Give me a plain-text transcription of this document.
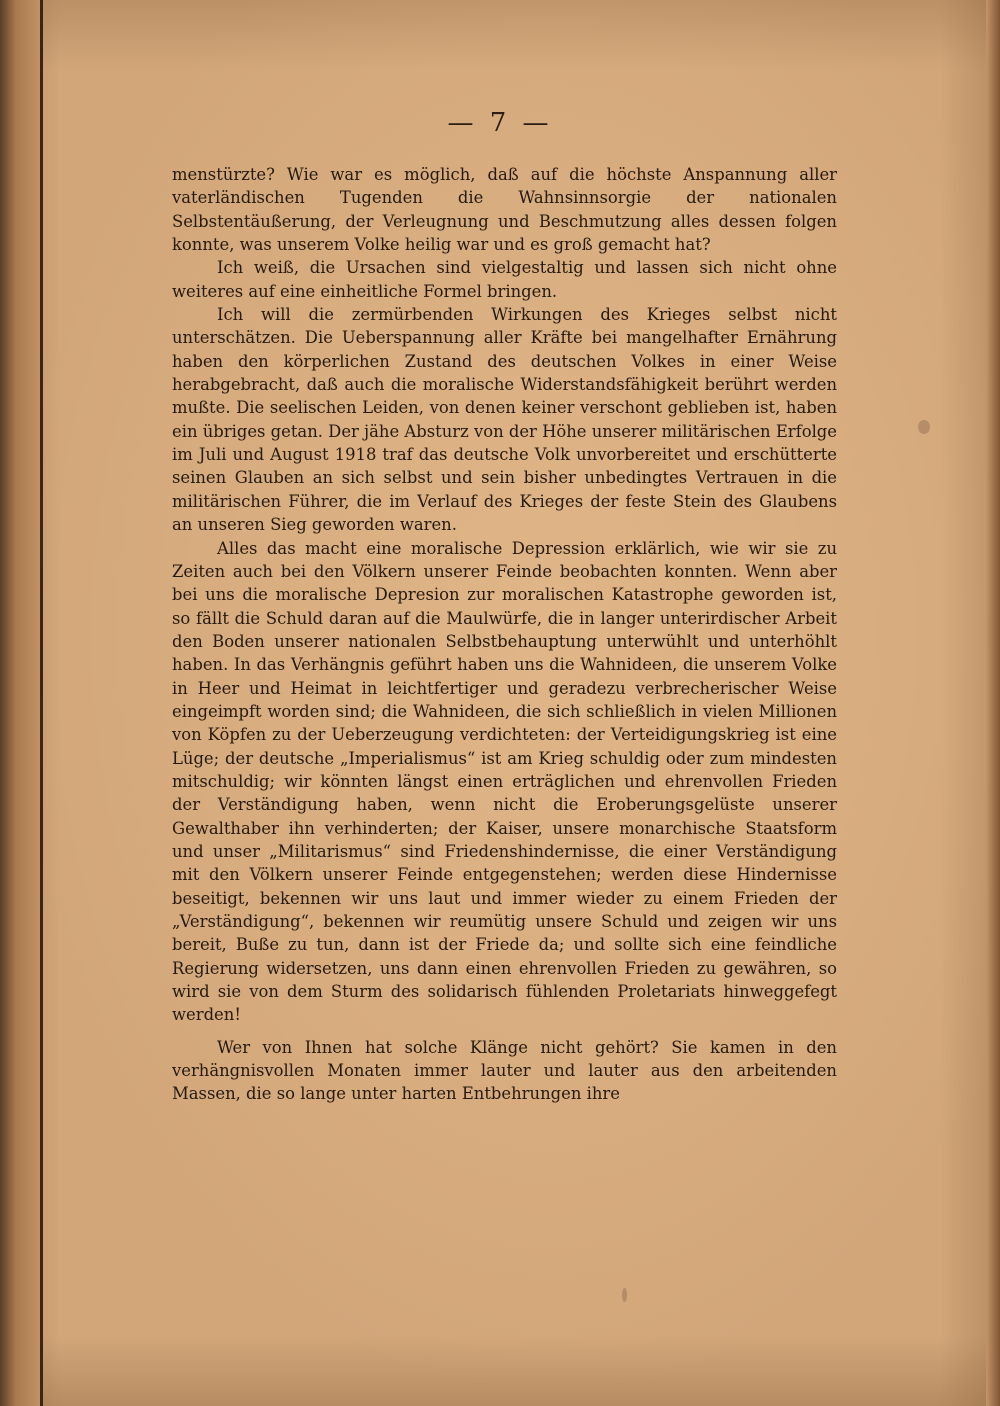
— 7 —

menstürzte? Wie war es möglich, daß auf die höchste Anspannung aller vaterländischen Tugenden die Wahnsinnsorgie der nationalen Selbstentäußerung, der Verleugnung und Beschmutzung alles dessen folgen konnte, was unserem Volke heilig war und es groß gemacht hat?

Ich weiß, die Ursachen sind vielgestaltig und lassen sich nicht ohne weiteres auf eine einheitliche Formel bringen.

Ich will die zermürbenden Wirkungen des Krieges selbst nicht unterschätzen. Die Ueberspannung aller Kräfte bei mangelhafter Ernährung haben den körperlichen Zustand des deutschen Volkes in einer Weise herabgebracht, daß auch die moralische Widerstandsfähigkeit berührt werden mußte. Die seelischen Leiden, von denen keiner verschont geblieben ist, haben ein übriges getan. Der jähe Absturz von der Höhe unserer militärischen Erfolge im Juli und August 1918 traf das deutsche Volk unvorbereitet und erschütterte seinen Glauben an sich selbst und sein bisher unbedingtes Vertrauen in die militärischen Führer, die im Verlauf des Krieges der feste Stein des Glaubens an unseren Sieg geworden waren.

Alles das macht eine moralische Depression erklärlich, wie wir sie zu Zeiten auch bei den Völkern unserer Feinde beobachten konnten. Wenn aber bei uns die moralische Depresion zur moralischen Katastrophe geworden ist, so fällt die Schuld daran auf die Maulwürfe, die in langer unterirdischer Arbeit den Boden unserer nationalen Selbstbehauptung unterwühlt und unterhöhlt haben. In das Verhängnis geführt haben uns die Wahnideen, die unserem Volke in Heer und Heimat in leichtfertiger und geradezu verbrecherischer Weise eingeimpft worden sind; die Wahnideen, die sich schließlich in vielen Millionen von Köpfen zu der Ueberzeugung verdichteten: der Verteidigungskrieg ist eine Lüge; der deutsche „Imperialismus“ ist am Krieg schuldig oder zum mindesten mitschuldig; wir könnten längst einen erträglichen und ehrenvollen Frieden der Verständigung haben, wenn nicht die Eroberungsgelüste unserer Gewalthaber ihn verhinderten; der Kaiser, unsere monarchische Staatsform und unser „Militarismus“ sind Friedenshindernisse, die einer Verständigung mit den Völkern unserer Feinde entgegenstehen; werden diese Hindernisse beseitigt, bekennen wir uns laut und immer wieder zu einem Frieden der „Verständigung“, bekennen wir reumütig unsere Schuld und zeigen wir uns bereit, Buße zu tun, dann ist der Friede da; und sollte sich eine feindliche Regierung widersetzen, uns dann einen ehrenvollen Frieden zu gewähren, so wird sie von dem Sturm des solidarisch fühlenden Proletariats hinweggefegt werden!

Wer von Ihnen hat solche Klänge nicht gehört? Sie kamen in den verhängnisvollen Monaten immer lauter und lauter aus den arbeitenden Massen, die so lange unter harten Entbehrungen ihre
